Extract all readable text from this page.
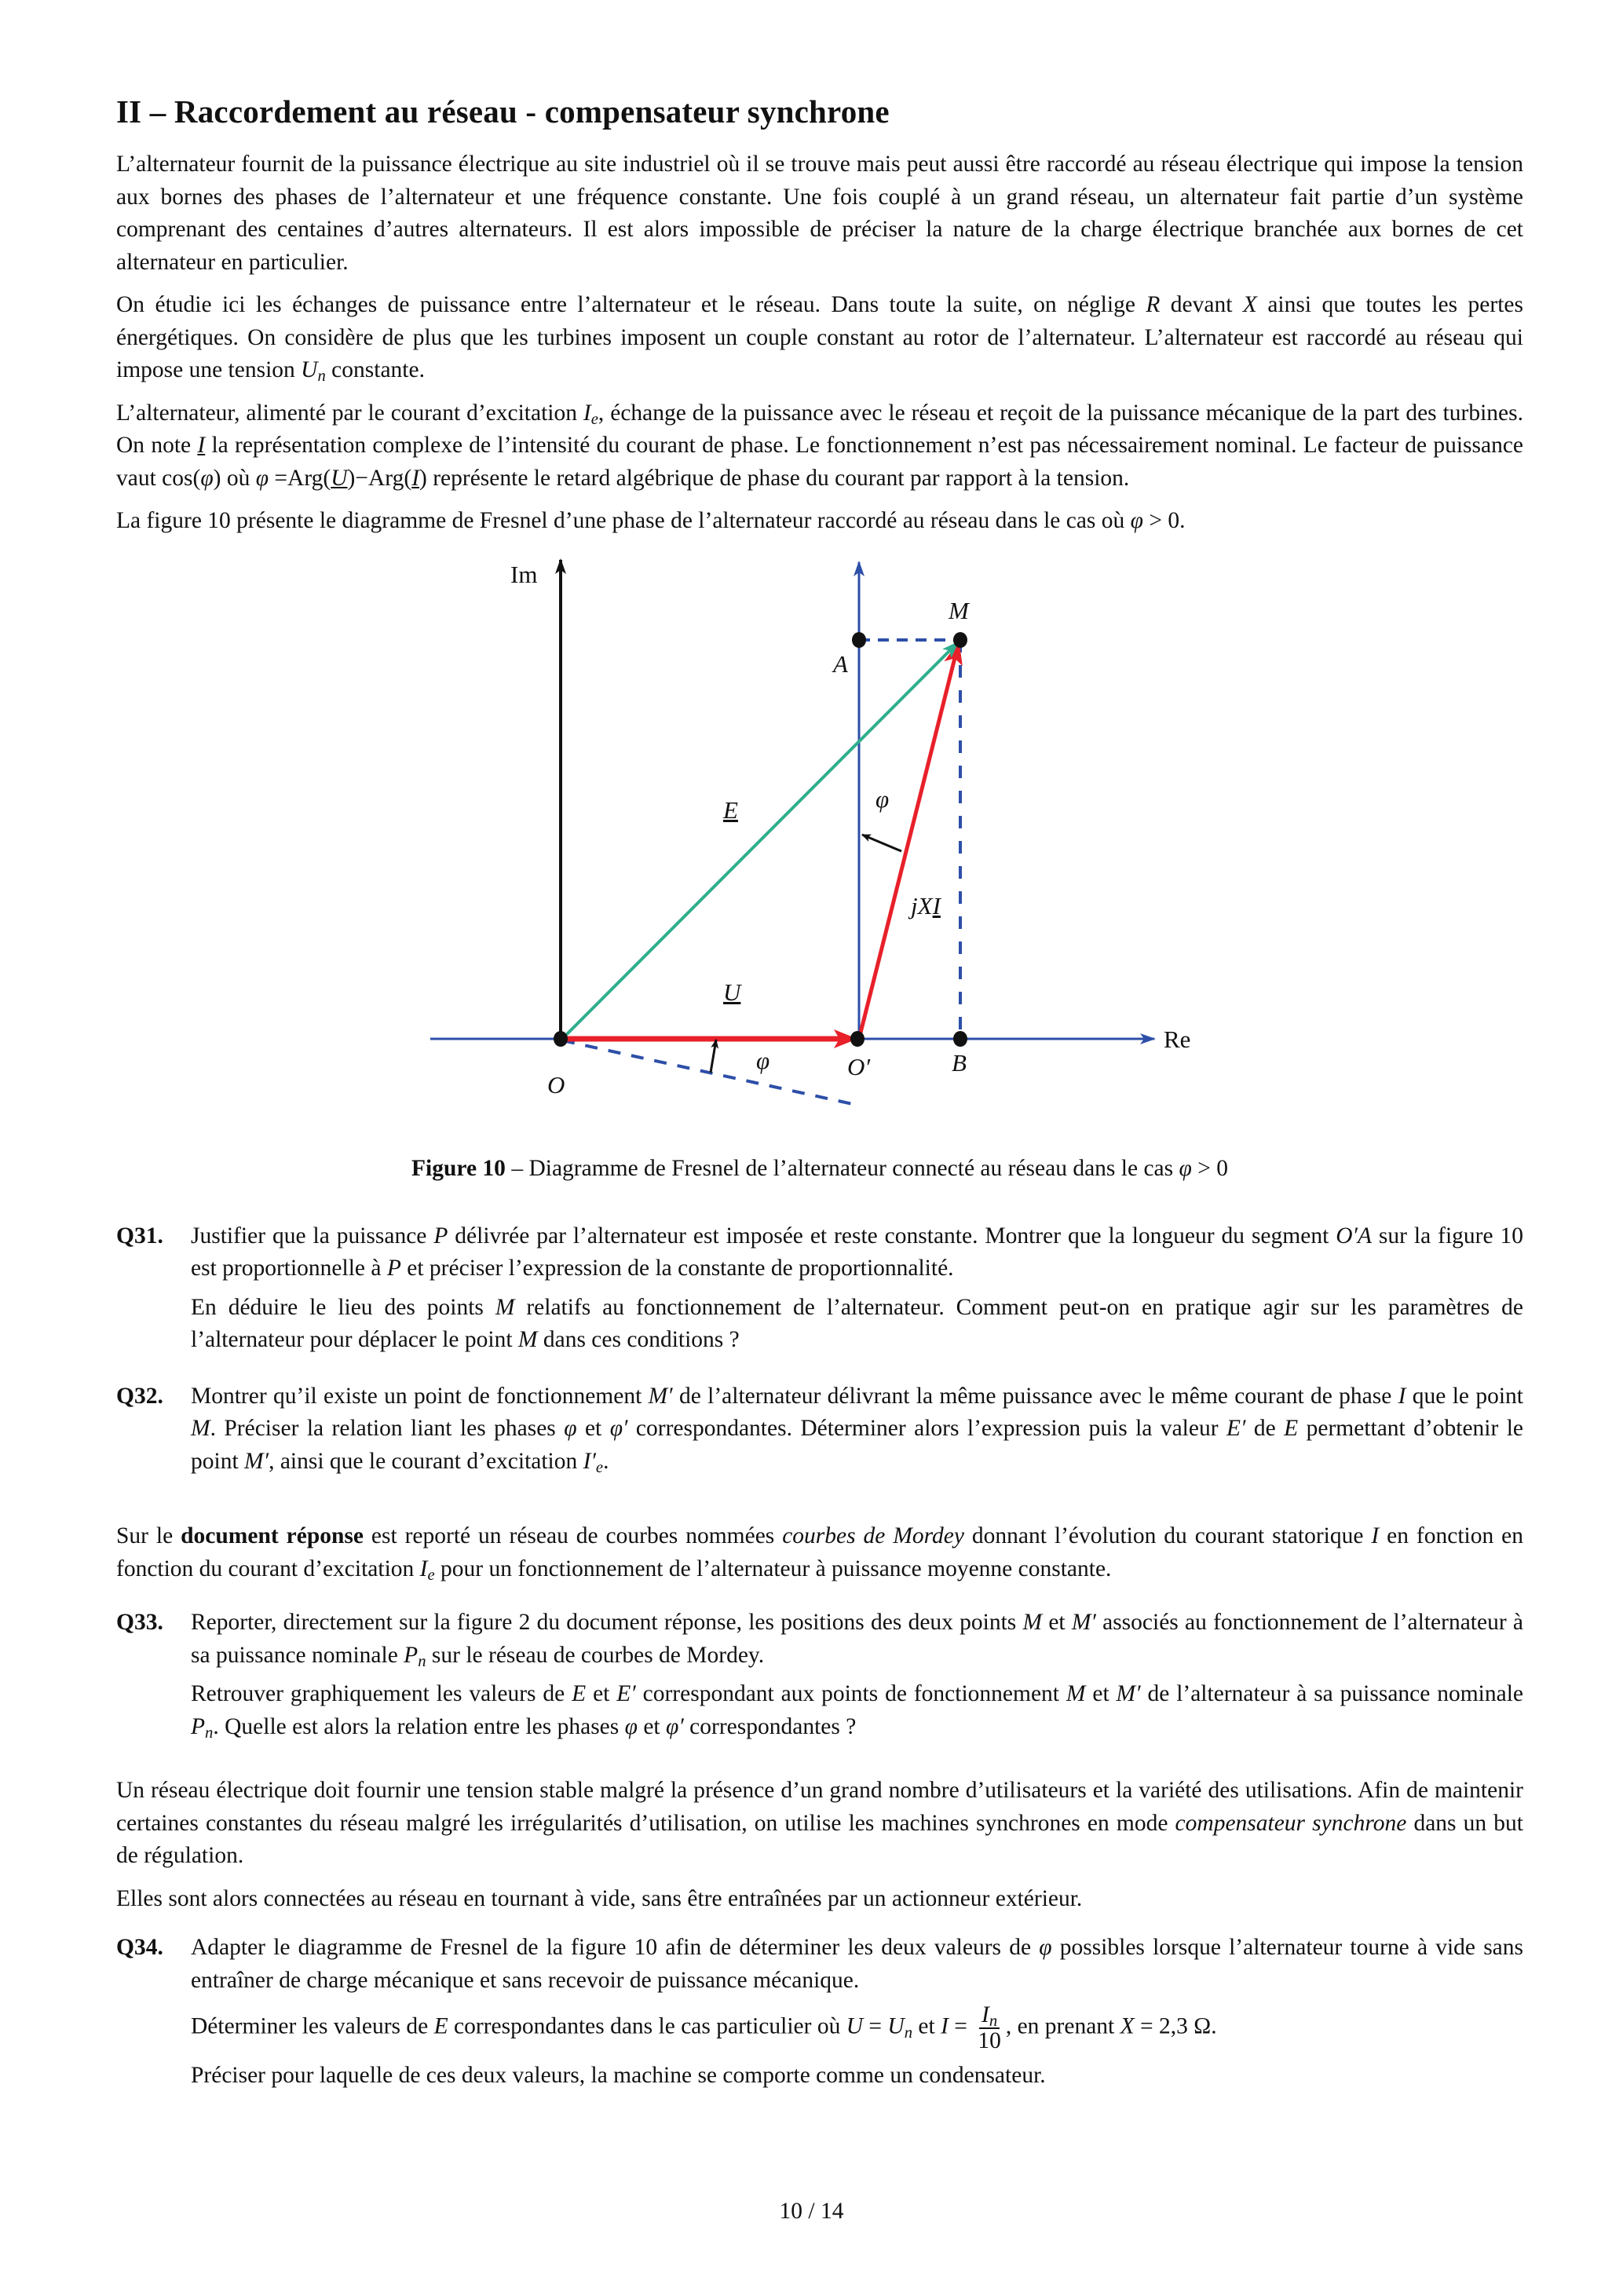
II – Raccordement au réseau - compensateur synchrone

L’alternateur fournit de la puissance électrique au site industriel où il se trouve mais peut aussi être raccordé au réseau électrique qui impose la tension aux bornes des phases de l’alternateur et une fréquence constante. Une fois couplé à un grand réseau, un alternateur fait partie d’un système comprenant des centaines d’autres alternateurs. Il est alors impossible de préciser la nature de la charge électrique branchée aux bornes de cet alternateur en particulier.

On étudie ici les échanges de puissance entre l’alternateur et le réseau. Dans toute la suite, on néglige R devant X ainsi que toutes les pertes énergétiques. On considère de plus que les turbines imposent un couple constant au rotor de l’alternateur. L’alternateur est raccordé au réseau qui impose une tension $U_n$ constante.

L’alternateur, alimenté par le courant d’excitation $I_e$, échange de la puissance avec le réseau et reçoit de la puissance mécanique de la part des turbines. On note I la représentation complexe de l’intensité du courant de phase. Le fonctionnement n’est pas nécessairement nominal. Le facteur de puissance vaut cos(φ) où φ =Arg(U)−Arg(I) représente le retard algébrique de phase du courant par rapport à la tension.

La figure 10 présente le diagramme de Fresnel d’une phase de l’alternateur raccordé au réseau dans le cas où φ > 0.

Im
Re
O
O′	B
A
M
E
U
jXI
φ
φ

Figure 10 – Diagramme de Fresnel de l’alternateur connecté au réseau dans le cas φ > 0

Q31.	Justifier que la puissance P délivrée par l’alternateur est imposée et reste constante. Montrer que la longueur du segment O′A sur la figure 10 est proportionnelle à P et préciser l’expression de la constante de proportionnalité.

En déduire le lieu des points M relatifs au fonctionnement de l’alternateur. Comment peut-on en pratique agir sur les paramètres de l’alternateur pour déplacer le point M dans ces conditions ?

Q32.	Montrer qu’il existe un point de fonctionnement M′ de l’alternateur délivrant la même puissance avec le même courant de phase I que le point M. Préciser la relation liant les phases φ et φ′ correspondantes. Déterminer alors l’expression puis la valeur E′ de E permettant d’obtenir le point M′, ainsi que le courant d’excitation $I'_e$.

Sur le document réponse est reporté un réseau de courbes nommées courbes de Mordey donnant l’évolution du courant statorique I en fonction en fonction du courant d’excitation $I_e$ pour un fonctionnement de l’alternateur à puissance moyenne constante.

Q33.	Reporter, directement sur la figure 2 du document réponse, les positions des deux points M et M′ associés au fonctionnement de l’alternateur à sa puissance nominale $P_n$ sur le réseau de courbes de Mordey.

Retrouver graphiquement les valeurs de E et E′ correspondant aux points de fonctionnement M et M′ de l’alternateur à sa puissance nominale $P_n$. Quelle est alors la relation entre les phases φ et φ′ correspondantes ?

Un réseau électrique doit fournir une tension stable malgré la présence d’un grand nombre d’utilisateurs et la variété des utilisations. Afin de maintenir certaines constantes du réseau malgré les irrégularités d’utilisation, on utilise les machines synchrones en mode compensateur synchrone dans un but de régulation.

Elles sont alors connectées au réseau en tournant à vide, sans être entraînées par un actionneur extérieur.

Q34.	Adapter le diagramme de Fresnel de la figure 10 afin de déterminer les deux valeurs de φ possibles lorsque l’alternateur tourne à vide sans entraîner de charge mécanique et sans recevoir de puissance mécanique.

Déterminer les valeurs de E correspondantes dans le cas particulier où $U = U_n$ et $I = \frac{I_n}{10}$ , en prenant X = 2,3 Ω.

Préciser pour laquelle de ces deux valeurs, la machine se comporte comme un condensateur.

10 / 14
